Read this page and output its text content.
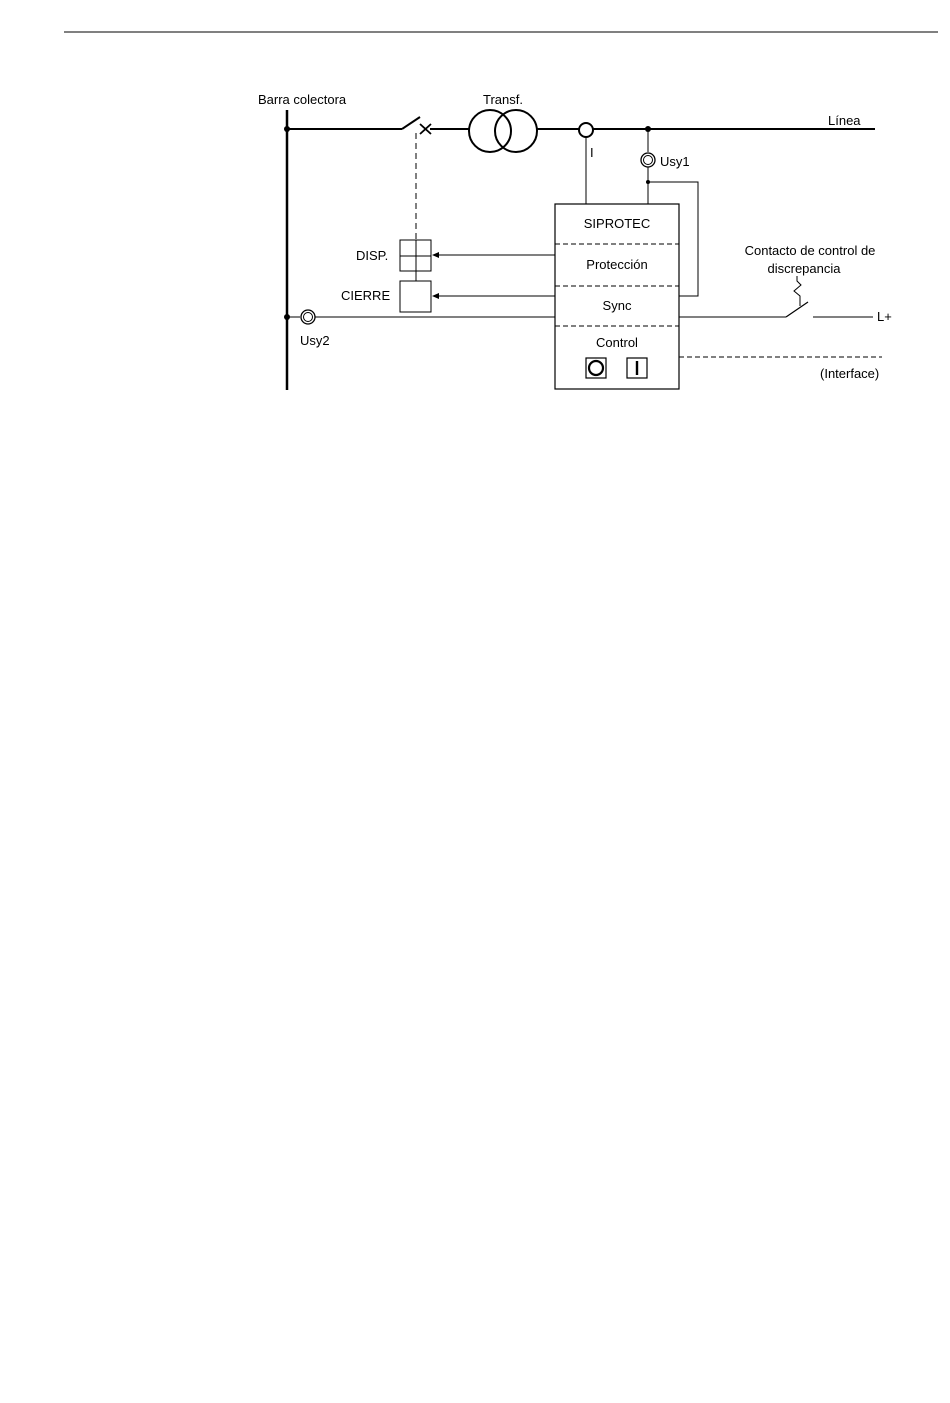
Barra colectora	Transf.
Línea
I
Usy1
SIPROTEC
Protección
Sync
Control
DISP.
CIERRE
Usy2
Contacto de control de
discrepancia
L+
(Interface)
